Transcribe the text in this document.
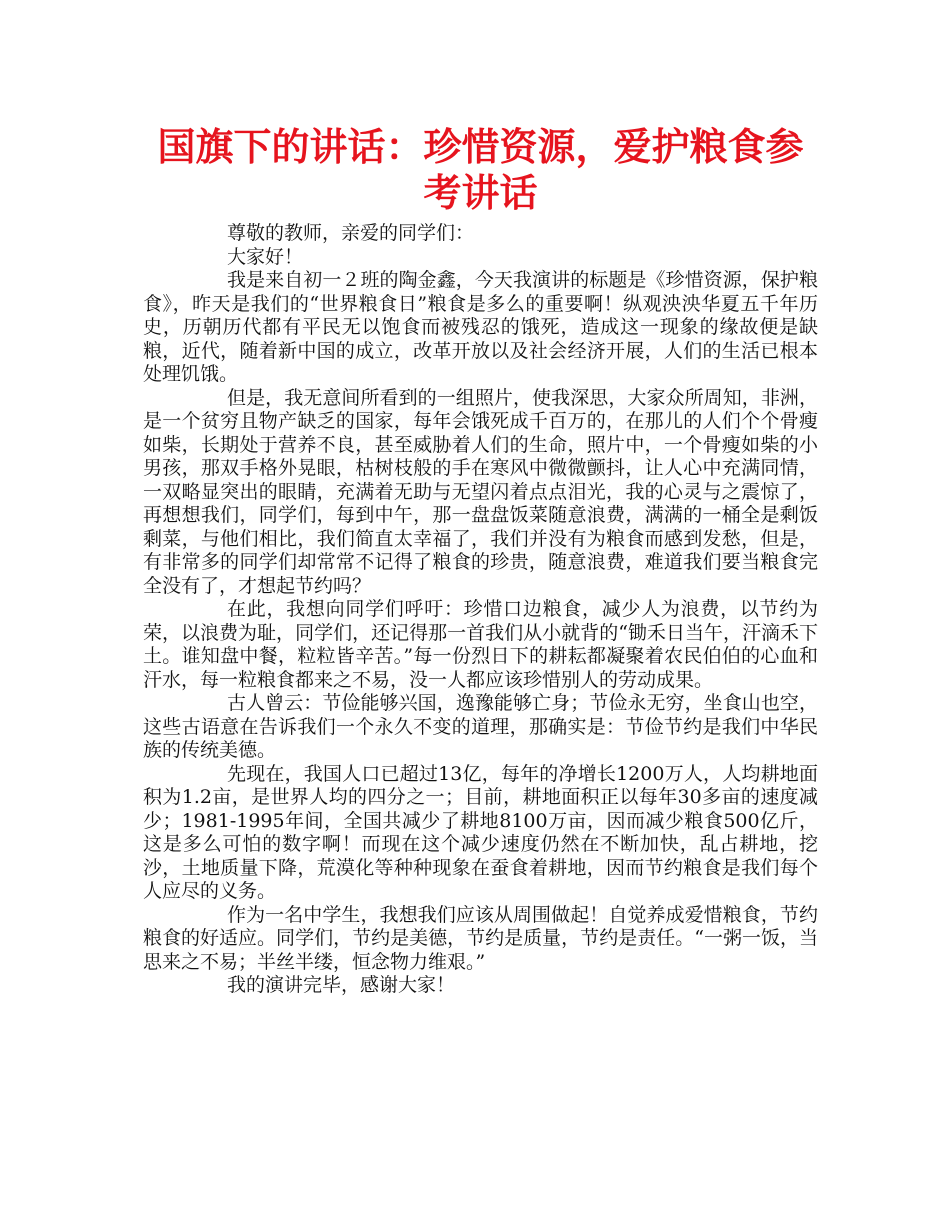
国旗下的讲话：珍惜资源，爱护粮食参考讲话

尊敬的教师，亲爱的同学们：

大家好！

我是来自初一２班的陶金鑫，今天我演讲的标题是《珍惜资源，保护粮食》，昨天是我们的“世界粮食日”粮食是多么的重要啊！纵观泱泱华夏五千年历史，历朝历代都有平民无以饱食而被残忍的饿死，造成这一现象的缘故便是缺粮，近代，随着新中国的成立，改革开放以及社会经济开展，人们的生活已根本处理饥饿。

但是，我无意间所看到的一组照片，使我深思，大家众所周知，非洲，是一个贫穷且物产缺乏的国家，每年会饿死成千百万的，在那儿的人们个个骨瘦如柴，长期处于营养不良，甚至威胁着人们的生命，照片中，一个骨瘦如柴的小男孩，那双手格外晃眼，枯树枝般的手在寒风中微微颤抖，让人心中充满同情，一双略显突出的眼睛，充满着无助与无望闪着点点泪光，我的心灵与之震惊了，再想想我们，同学们，每到中午，那一盘盘饭菜随意浪费，满满的一桶全是剩饭剩菜，与他们相比，我们简直太幸福了，我们并没有为粮食而感到发愁，但是，有非常多的同学们却常常不记得了粮食的珍贵，随意浪费，难道我们要当粮食完全没有了，才想起节约吗？

在此，我想向同学们呼吁：珍惜口边粮食，减少人为浪费，以节约为荣，以浪费为耻，同学们，还记得那一首我们从小就背的“锄禾日当午，汗滴禾下土。谁知盘中餐，粒粒皆辛苦。”每一份烈日下的耕耘都凝聚着农民伯伯的心血和汗水，每一粒粮食都来之不易，没一人都应该珍惜别人的劳动成果。

古人曾云：节俭能够兴国，逸豫能够亡身；节俭永无穷，坐食山也空，这些古语意在告诉我们一个永久不变的道理，那确实是：节俭节约是我们中华民族的传统美德。

先现在，我国人口已超过13亿，每年的净增长1200万人，人均耕地面积为1.2亩，是世界人均的四分之一；目前，耕地面积正以每年30多亩的速度减少；1981-1995年间，全国共减少了耕地8100万亩，因而减少粮食500亿斤，这是多么可怕的数字啊！而现在这个减少速度仍然在不断加快，乱占耕地，挖沙，土地质量下降，荒漠化等种种现象在蚕食着耕地，因而节约粮食是我们每个人应尽的义务。

作为一名中学生，我想我们应该从周围做起！自觉养成爱惜粮食，节约粮食的好适应。同学们，节约是美德，节约是质量，节约是责任。“一粥一饭，当思来之不易；半丝半缕，恒念物力维艰。”

我的演讲完毕，感谢大家！
